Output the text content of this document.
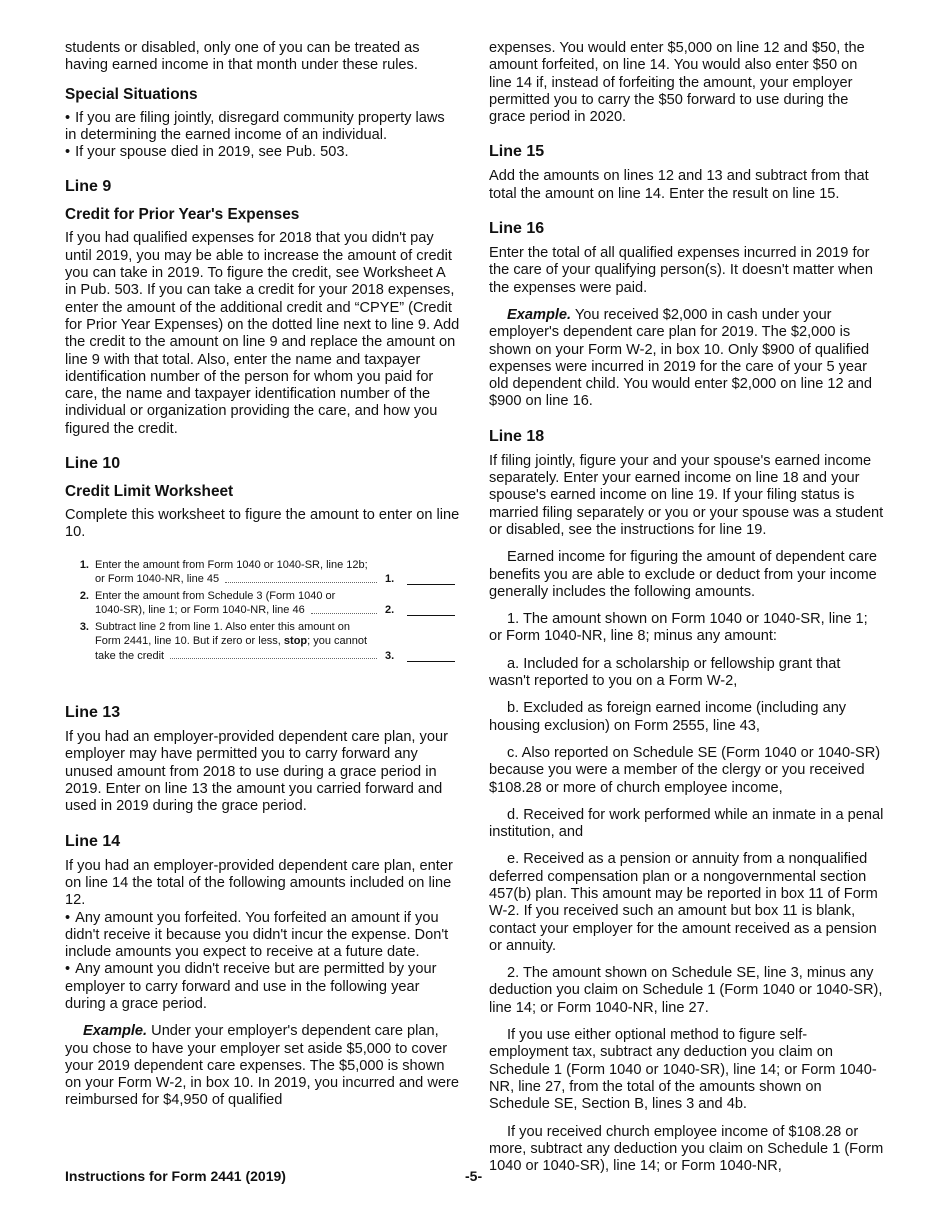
students or disabled, only one of you can be treated as having earned income in that month under these rules.

Special Situations

• If you are filing jointly, disregard community property laws in determining the earned income of an individual.

• If your spouse died in 2019, see Pub. 503.

Line 9
Credit for Prior Year's Expenses

If you had qualified expenses for 2018 that you didn't pay until 2019, you may be able to increase the amount of credit you can take in 2019. To figure the credit, see Worksheet A in Pub. 503. If you can take a credit for your 2018 expenses, enter the amount of the additional credit and “CPYE” (Credit for Prior Year Expenses) on the dotted line next to line 9. Add the credit to the amount on line 9 and replace the amount on line 9 with that total. Also, enter the name and taxpayer identification number of the person for whom you paid for care, the name and taxpayer identification number of the individual or organization providing the care, and how you figured the credit.

Line 10
Credit Limit Worksheet

Complete this worksheet to figure the amount to enter on line 10.

1. Enter the amount from Form 1040 or 1040-SR, line 12b;
or Form 1040-NR, line 45	1.
2. Enter the amount from Schedule 3 (Form 1040 or
1040-SR), line 1; or Form 1040-NR, line 46	2.
3. Subtract line 2 from line 1. Also enter this amount on
Form 2441, line 10. But if zero or less, stop; you cannot
take the credit	3.
Line 13

If you had an employer-provided dependent care plan, your employer may have permitted you to carry forward any unused amount from 2018 to use during a grace period in 2019. Enter on line 13 the amount you carried forward and used in 2019 during the grace period.

Line 14

If you had an employer-provided dependent care plan, enter on line 14 the total of the following amounts included on line 12.

• Any amount you forfeited. You forfeited an amount if you didn't receive it because you didn't incur the expense. Don't include amounts you expect to receive at a future date.

• Any amount you didn't receive but are permitted by your employer to carry forward and use in the following year during a grace period.

Example. Under your employer's dependent care plan, you chose to have your employer set aside $5,000 to cover your 2019 dependent care expenses. The $5,000 is shown on your Form W-2, in box 10. In 2019, you incurred and were reimbursed for $4,950 of qualified

expenses. You would enter $5,000 on line 12 and $50, the amount forfeited, on line 14. You would also enter $50 on line 14 if, instead of forfeiting the amount, your employer permitted you to carry the $50 forward to use during the grace period in 2020.

Line 15

Add the amounts on lines 12 and 13 and subtract from that total the amount on line 14. Enter the result on line 15.

Line 16

Enter the total of all qualified expenses incurred in 2019 for the care of your qualifying person(s). It doesn't matter when the expenses were paid.

Example. You received $2,000 in cash under your employer's dependent care plan for 2019. The $2,000 is shown on your Form W-2, in box 10. Only $900 of qualified expenses were incurred in 2019 for the care of your 5 year old dependent child. You would enter $2,000 on line 12 and $900 on line 16.

Line 18

If filing jointly, figure your and your spouse's earned income separately. Enter your earned income on line 18 and your spouse's earned income on line 19. If your filing status is married filing separately or you or your spouse was a student or disabled, see the instructions for line 19.

Earned income for figuring the amount of dependent care benefits you are able to exclude or deduct from your income generally includes the following amounts.

1. The amount shown on Form 1040 or 1040-SR, line 1; or Form 1040-NR, line 8; minus any amount:

a. Included for a scholarship or fellowship grant that wasn't reported to you on a Form W-2,

b. Excluded as foreign earned income (including any housing exclusion) on Form 2555, line 43,

c. Also reported on Schedule SE (Form 1040 or 1040-SR) because you were a member of the clergy or you received $108.28 or more of church employee income,

d. Received for work performed while an inmate in a penal institution, and

e. Received as a pension or annuity from a nonqualified deferred compensation plan or a nongovernmental section 457(b) plan. This amount may be reported in box 11 of Form W-2. If you received such an amount but box 11 is blank, contact your employer for the amount received as a pension or annuity.

2. The amount shown on Schedule SE, line 3, minus any deduction you claim on Schedule 1 (Form 1040 or 1040-SR), line 14; or Form 1040-NR, line 27.

If you use either optional method to figure self-employment tax, subtract any deduction you claim on Schedule 1 (Form 1040 or 1040-SR), line 14; or Form 1040-NR, line 27, from the total of the amounts shown on Schedule SE, Section B, lines 3 and 4b.

If you received church employee income of $108.28 or more, subtract any deduction you claim on Schedule 1 (Form 1040 or 1040-SR), line 14; or Form 1040-NR,

Instructions for Form 2441 (2019)	-5-
